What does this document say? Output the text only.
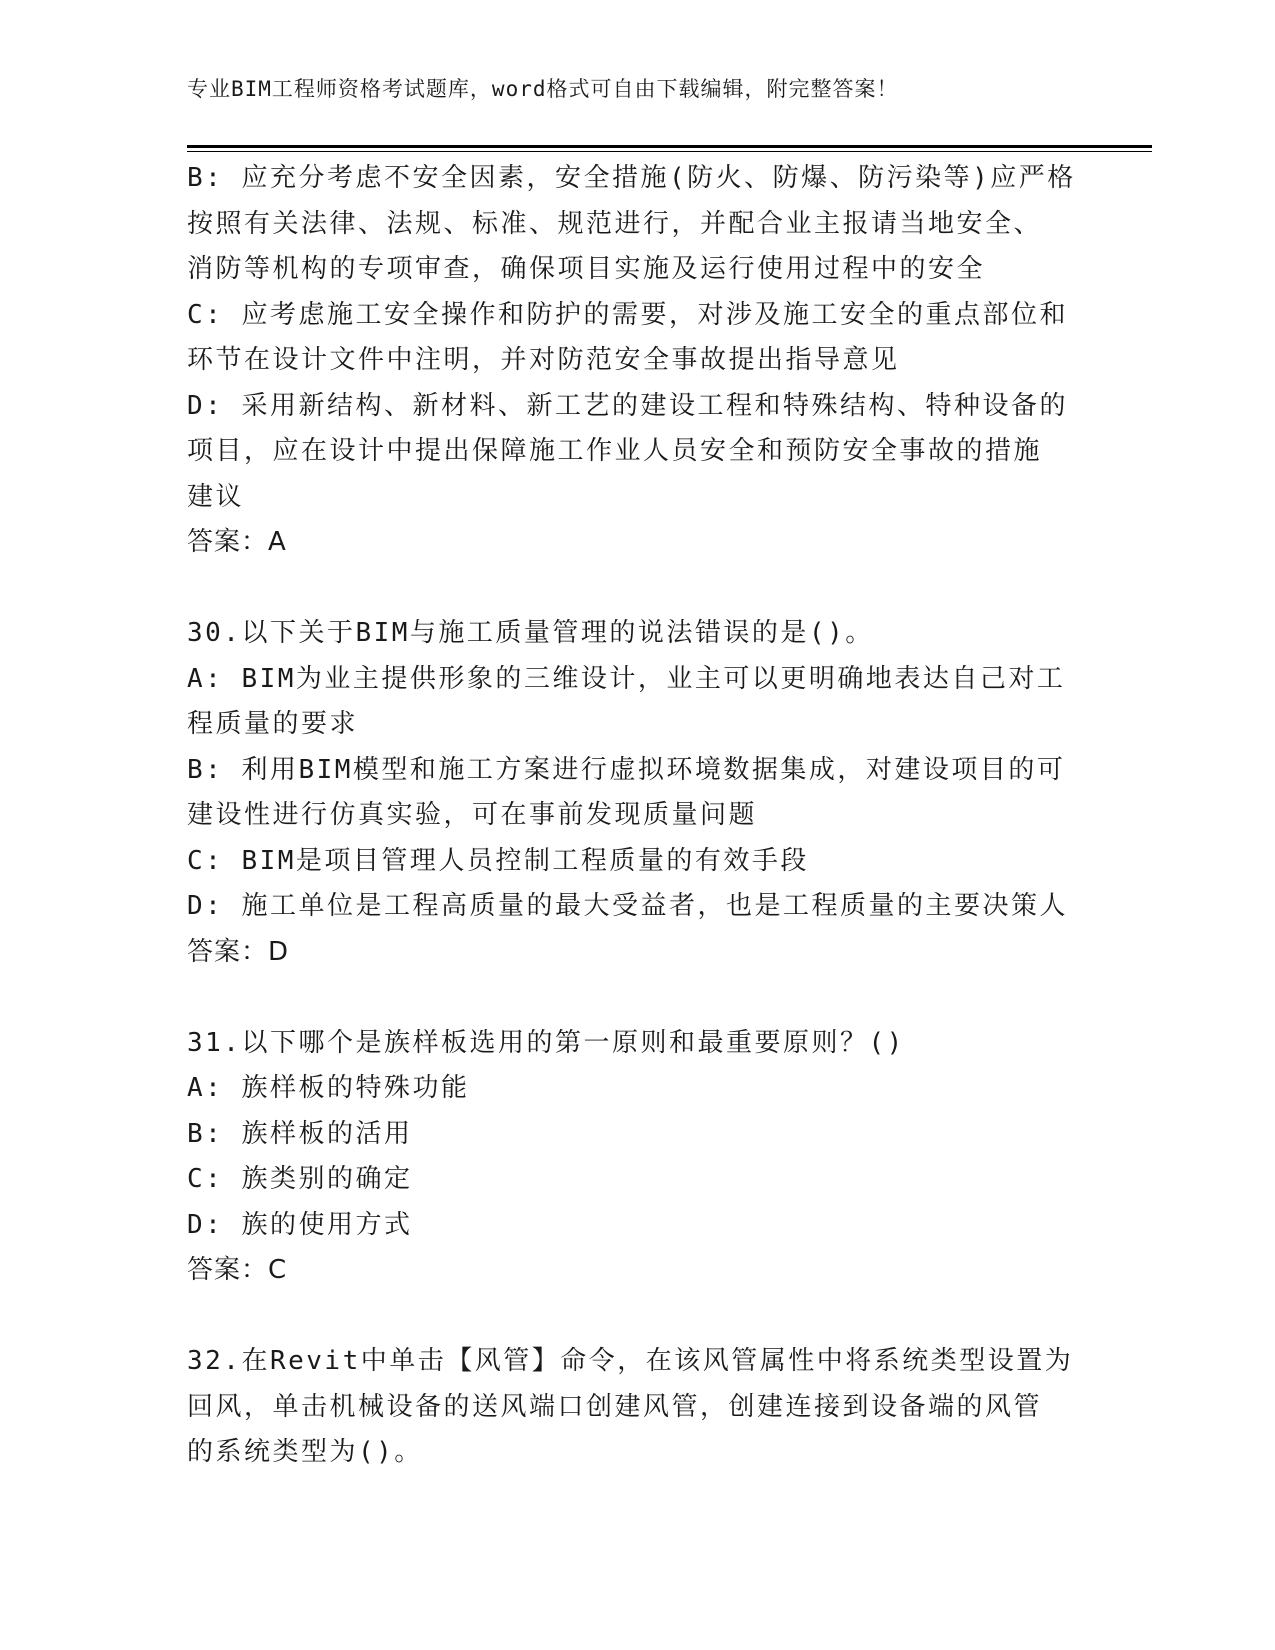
专业BIM工程师资格考试题库，word格式可自由下载编辑，附完整答案！
B: 应充分考虑不安全因素，安全措施(防火、防爆、防污染等)应严格
按照有关法律、法规、标准、规范进行，并配合业主报请当地安全、
消防等机构的专项审查，确保项目实施及运行使用过程中的安全
C: 应考虑施工安全操作和防护的需要，对涉及施工安全的重点部位和
环节在设计文件中注明，并对防范安全事故提出指导意见
D: 采用新结构、新材料、新工艺的建设工程和特殊结构、特种设备的
项目，应在设计中提出保障施工作业人员安全和预防安全事故的措施
建议
答案：A
30.以下关于BIM与施工质量管理的说法错误的是()。
A: BIM为业主提供形象的三维设计，业主可以更明确地表达自己对工
程质量的要求
B: 利用BIM模型和施工方案进行虚拟环境数据集成，对建设项目的可
建设性进行仿真实验，可在事前发现质量问题
C: BIM是项目管理人员控制工程质量的有效手段
D: 施工单位是工程高质量的最大受益者，也是工程质量的主要决策人
答案：D
31.以下哪个是族样板选用的第一原则和最重要原则？()
A: 族样板的特殊功能
B: 族样板的活用
C: 族类别的确定
D: 族的使用方式
答案：C
32.在Revit中单击【风管】命令，在该风管属性中将系统类型设置为
回风，单击机械设备的送风端口创建风管，创建连接到设备端的风管
的系统类型为()。
